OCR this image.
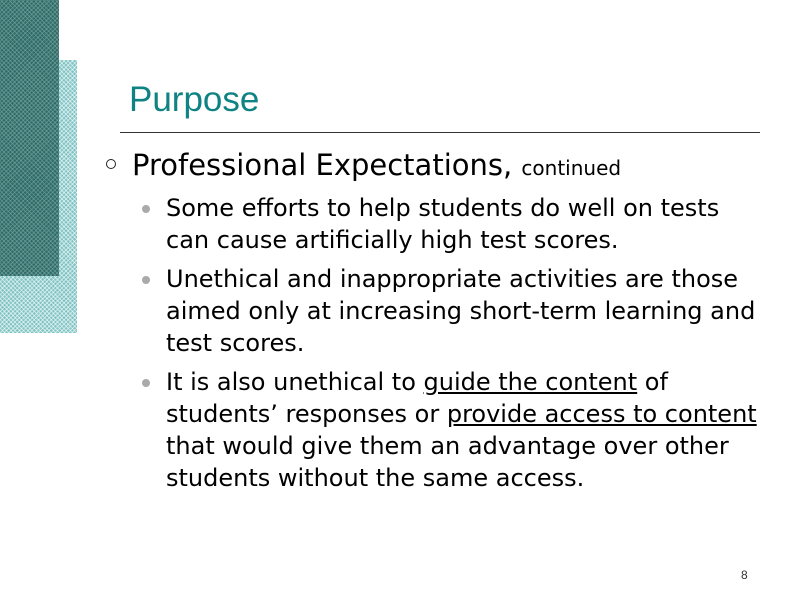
Purpose
Professional Expectations, continued
Some efforts to help students do well on tests can cause artificially high test scores.
Unethical and inappropriate activities are those aimed only at increasing short-term learning and test scores.
It is also unethical to guide the content of students’ responses or provide access to content that would give them an advantage over other students without the same access.
8
